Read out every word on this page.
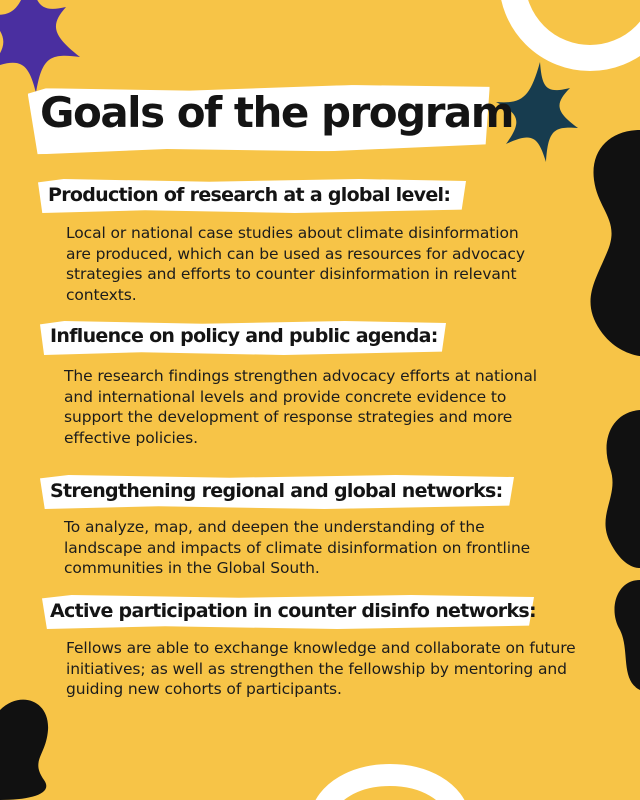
Goals of the program
Production of research at a global level:

Local or national case studies about climate disinformation are produced, which can be used as resources for advocacy strategies and efforts to counter disinformation in relevant contexts.

Influence on policy and public agenda:

The research findings strengthen advocacy efforts at national and international levels and provide concrete evidence to support the development of response strategies and more effective policies.

Strengthening regional and global networks:

To analyze, map, and deepen the understanding of the landscape and impacts of climate disinformation on frontline communities in the Global South.

Active participation in counter disinfo networks:

Fellows are able to exchange knowledge and collaborate on future initiatives; as well as strengthen the fellowship by mentoring and guiding new cohorts of participants.
